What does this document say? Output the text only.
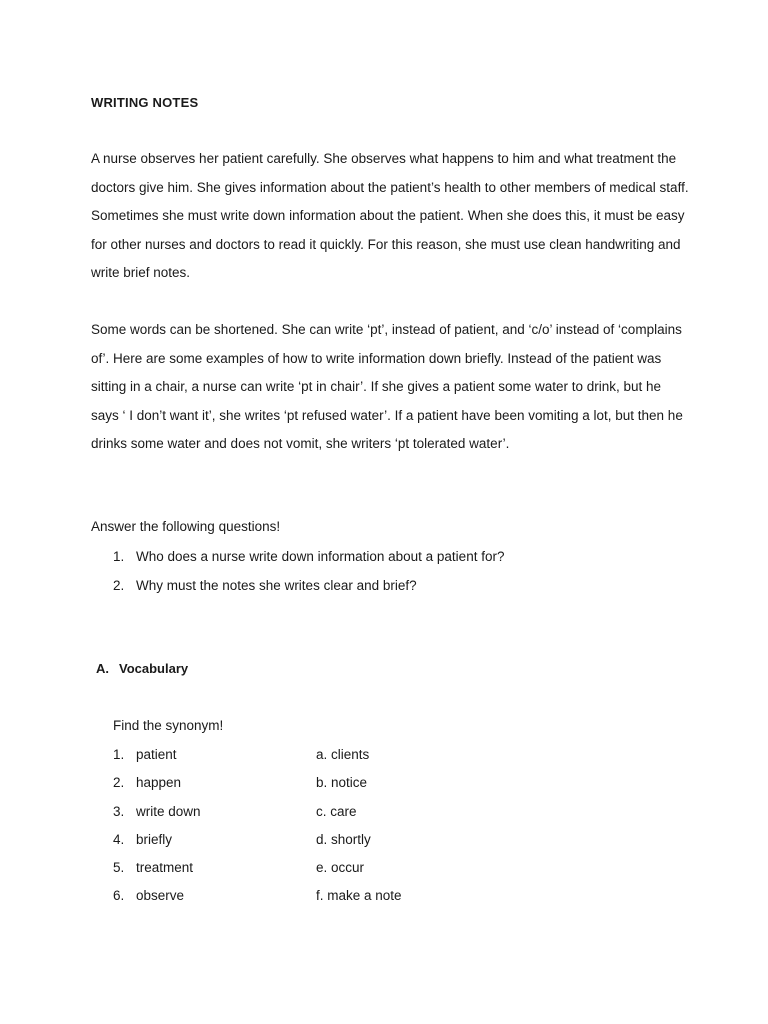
WRITING NOTES

A nurse observes her patient carefully. She observes what happens to him and what treatment the doctors give him. She gives information about the patient’s health to other members of medical staff. Sometimes she must write down information about the patient. When she does this, it must be easy for other nurses and doctors to read it quickly. For this reason, she must use clean handwriting and write brief notes.

Some words can be shortened. She can write ‘pt’, instead of patient, and ‘c/o’ instead of ‘complains of’. Here are some examples of how to write information down briefly. Instead of the patient was sitting in a chair, a nurse can write ‘pt in chair’. If she gives a patient some water to drink, but he says ‘ I don’t want it’, she writes ‘pt refused water’. If a patient have been vomiting a lot, but then he drinks some water and does not vomit, she writers ‘pt tolerated water’.

Answer the following questions!
1. Who does a nurse write down information about a patient for?
2. Why must the notes she writes clear and brief?
A. Vocabulary
Find the synonym!
1. patient	a. clients
2. happen	b. notice
3. write down	c. care
4. briefly	d. shortly
5. treatment	e. occur
6. observe	f. make a note
